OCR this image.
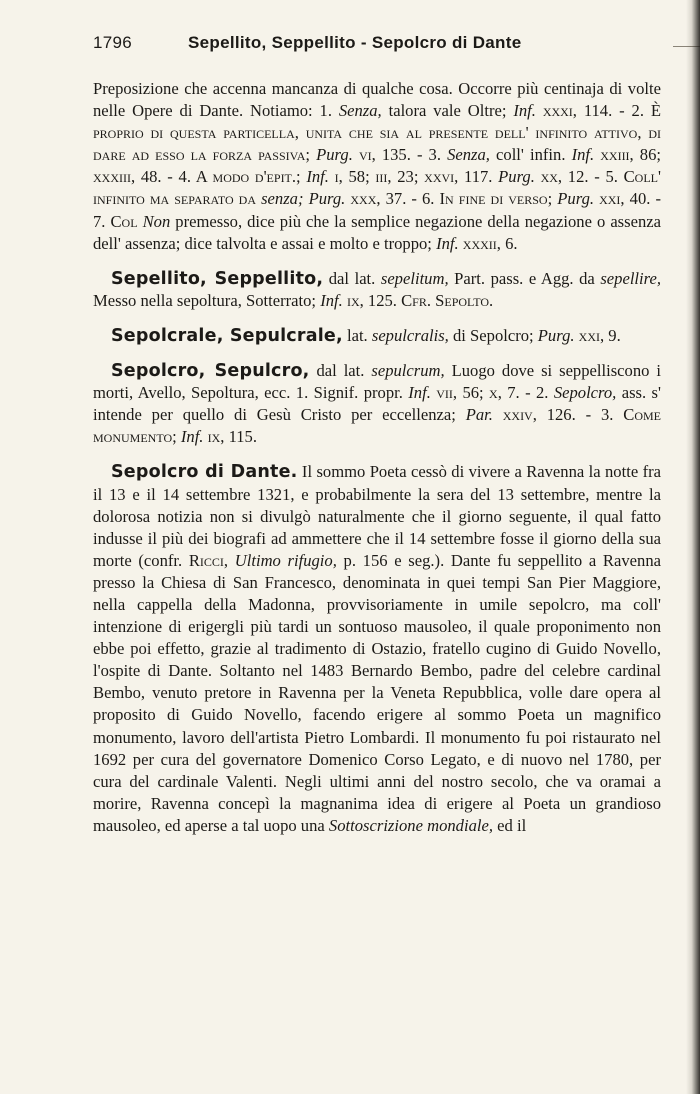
1796	Sepellito, Seppellito - Sepolcro di Dante

Preposizione che accenna mancanza di qualche cosa. Occorre più centinaja di volte nelle Opere di Dante. Notiamo: 1. Senza, talora vale Oltre; Inf. xxxi, 114. - 2. È proprio di questa particella, unita che sia al presente dell' infinito attivo, di dare ad esso la forza passiva; Purg. vi, 135. - 3. Senza, coll' infin. Inf. xxiii, 86; xxxiii, 48. - 4. A modo d'epit.; Inf. i, 58; iii, 23; xxvi, 117. Purg. xx, 12. - 5. Coll' infinito ma separato da senza; Purg. xxx, 37. - 6. In fine di verso; Purg. xxi, 40. - 7. Col Non premesso, dice più che la semplice negazione della negazione o assenza dell' assenza; dice talvolta e assai e molto e troppo; Inf. xxxii, 6.

Sepellito, Seppellito, dal lat. sepelitum, Part. pass. e Agg. da sepellire, Messo nella sepoltura, Sotterrato; Inf. ix, 125. Cfr. Sepolto.

Sepolcrale, Sepulcrale, lat. sepulcralis, di Sepolcro; Purg. xxi, 9.

Sepolcro, Sepulcro, dal lat. sepulcrum, Luogo dove si seppelliscono i morti, Avello, Sepoltura, ecc. 1. Signif. propr. Inf. vii, 56; x, 7. - 2. Sepolcro, ass. s' intende per quello di Gesù Cristo per eccellenza; Par. xxiv, 126. - 3. Come monumento; Inf. ix, 115.

Sepolcro di Dante. Il sommo Poeta cessò di vivere a Ravenna la notte fra il 13 e il 14 settembre 1321, e probabilmente la sera del 13 settembre, mentre la dolorosa notizia non si divulgò naturalmente che il giorno seguente, il qual fatto indusse il più dei biografi ad ammettere che il 14 settembre fosse il giorno della sua morte (confr. Ricci, Ultimo rifugio, p. 156 e seg.). Dante fu seppellito a Ravenna presso la Chiesa di San Francesco, denominata in quei tempi San Pier Maggiore, nella cappella della Madonna, provvisoriamente in umile sepolcro, ma coll' intenzione di erigergli più tardi un sontuoso mausoleo, il quale proponimento non ebbe poi effetto, grazie al tradimento di Ostazio, fratello cugino di Guido Novello, l'ospite di Dante. Soltanto nel 1483 Bernardo Bembo, padre del celebre cardinal Bembo, venuto pretore in Ravenna per la Veneta Repubblica, volle dare opera al proposito di Guido Novello, facendo erigere al sommo Poeta un magnifico monumento, lavoro dell'artista Pietro Lombardi. Il monumento fu poi ristaurato nel 1692 per cura del governatore Domenico Corso Legato, e di nuovo nel 1780, per cura del cardinale Valenti. Negli ultimi anni del nostro secolo, che va oramai a morire, Ravenna concepì la magnanima idea di erigere al Poeta un grandioso mausoleo, ed aperse a tal uopo una Sottoscrizione mondiale, ed il
